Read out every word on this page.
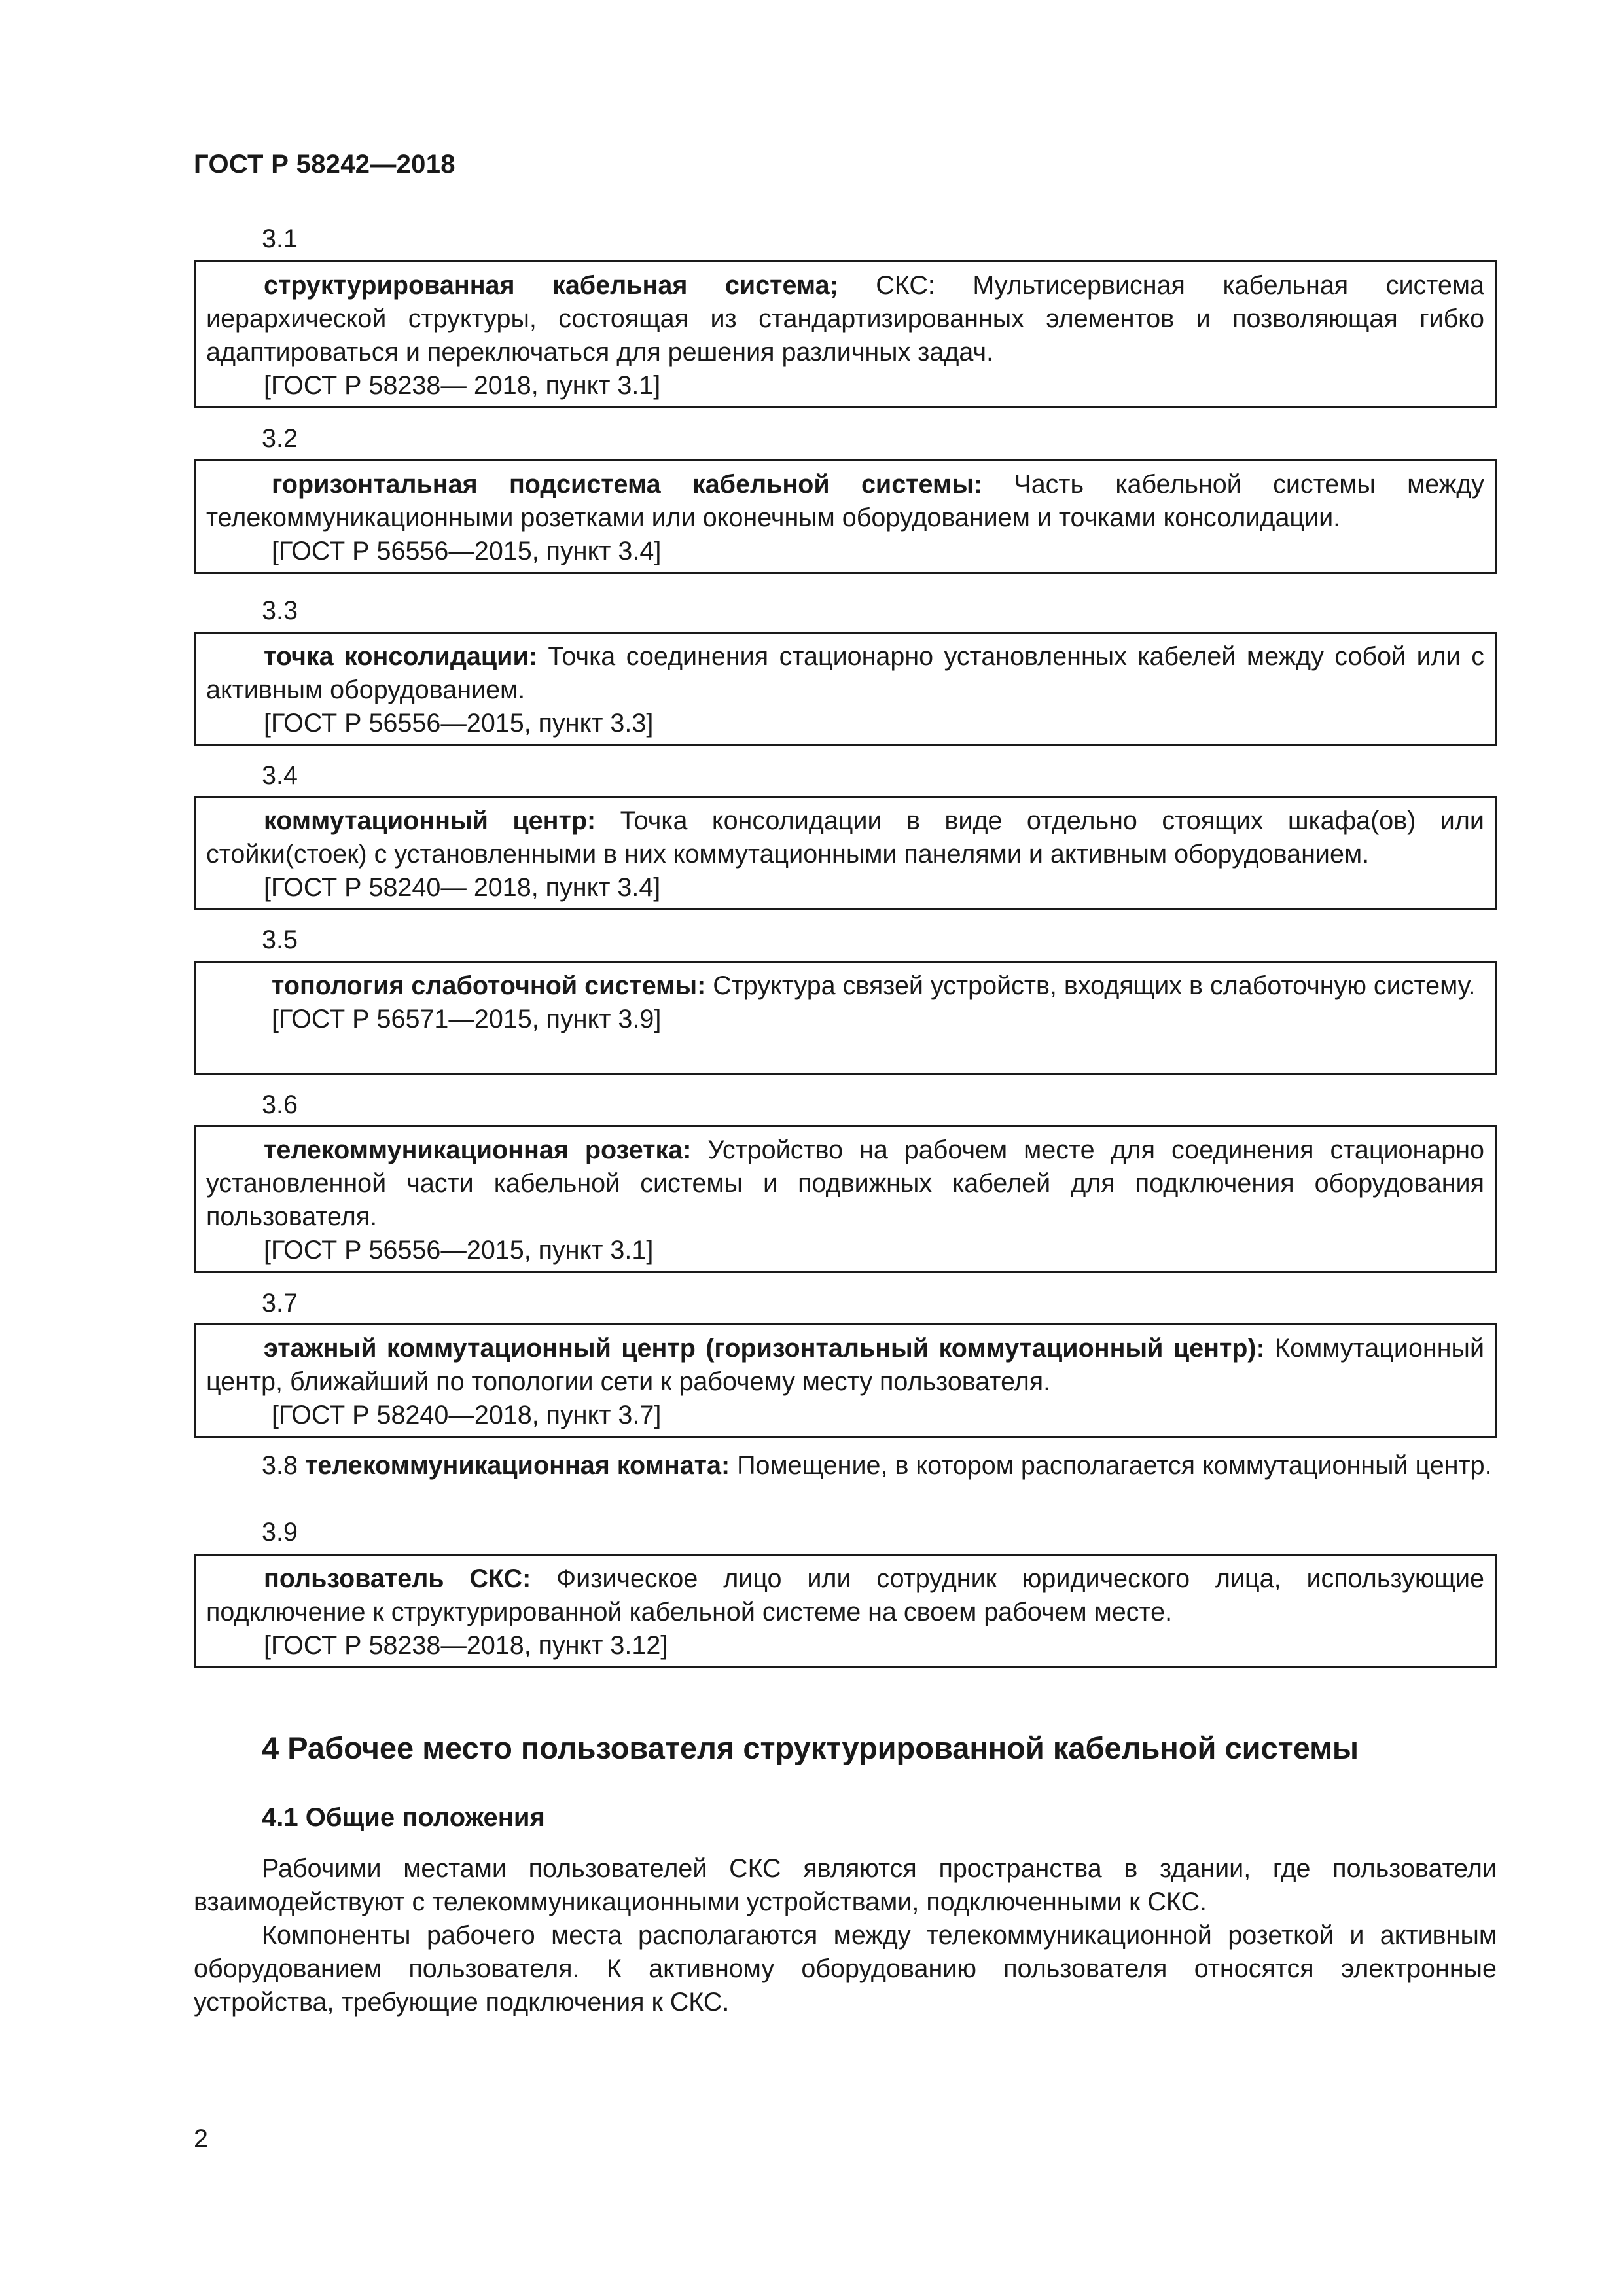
ГОСТ Р 58242—2018
3.1

структурированная кабельная система; СКС: Мультисервисная кабельная система иерархической структуры, состоящая из стандартизированных элементов и позволяющая гибко адаптироваться и переключаться для решения различных задач.

[ГОСТ Р 58238— 2018, пункт 3.1]

3.2

горизонтальная подсистема кабельной системы: Часть кабельной системы между телекоммуникационными розетками или оконечным оборудованием и точками консолидации.

[ГОСТ Р 56556—2015, пункт 3.4]

3.3

точка консолидации: Точка соединения стационарно установленных кабелей между собой или с активным оборудованием.

[ГОСТ Р 56556—2015, пункт 3.3]

3.4

коммутационный центр: Точка консолидации в виде отдельно стоящих шкафа(ов) или стойки(стоек) с установленными в них коммутационными панелями и активным оборудованием.

[ГОСТ Р 58240— 2018, пункт 3.4]

3.5

топология слаботочной системы: Структура связей устройств, входящих в слаботочную систему.

[ГОСТ Р 56571—2015, пункт 3.9]

3.6

телекоммуникационная розетка: Устройство на рабочем месте для соединения стационарно установленной части кабельной системы и подвижных кабелей для подключения оборудования пользователя.

[ГОСТ Р 56556—2015, пункт 3.1]

3.7

этажный коммутационный центр (горизонтальный коммутационный центр): Коммутационный центр, ближайший по топологии сети к рабочему месту пользователя.

[ГОСТ Р 58240—2018, пункт 3.7]

3.8 телекоммуникационная комната: Помещение, в котором располагается коммутационный центр.
3.9

пользователь СКС: Физическое лицо или сотрудник юридического лица, использующие подключение к структурированной кабельной системе на своем рабочем месте.

[ГОСТ Р 58238—2018, пункт 3.12]

4 Рабочее место пользователя структурированной кабельной системы
4.1 Общие положения

Рабочими местами пользователей СКС являются пространства в здании, где пользователи взаимодействуют с телекоммуникационными устройствами, подключенными к СКС.

Компоненты рабочего места располагаются между телекоммуникационной розеткой и активным оборудованием пользователя. К активному оборудованию пользователя относятся электронные устройства, требующие подключения к СКС.

2
